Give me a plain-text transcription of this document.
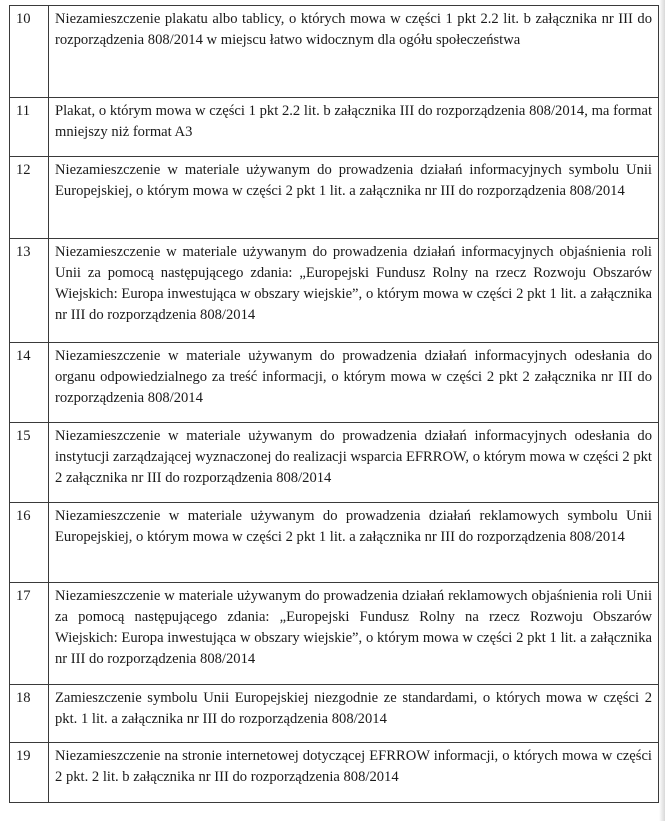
10	Niezamieszczenie plakatu albo tablicy, o których mowa w części 1 pkt 2.2 lit. b załącznika nr III do rozporządzenia 808/2014 w miejscu łatwo widocznym dla ogółu społeczeństwa
11	Plakat, o którym mowa w części 1 pkt 2.2 lit. b załącznika III do rozporządzenia 808/2014, ma format mniejszy niż format A3
12	Niezamieszczenie w materiale używanym do prowadzenia działań informacyjnych symbolu Unii Europejskiej, o którym mowa w części 2 pkt 1 lit. a załącznika nr III do rozporządzenia 808/2014
13	Niezamieszczenie w materiale używanym do prowadzenia działań informacyjnych objaśnienia roli Unii za pomocą następującego zdania: „Europejski Fundusz Rolny na rzecz Rozwoju Obszarów Wiejskich: Europa inwestująca w obszary wiejskie”, o którym mowa w części 2 pkt 1 lit. a załącznika nr III do rozporządzenia 808/2014
14	Niezamieszczenie w materiale używanym do prowadzenia działań informacyjnych odesłania do organu odpowiedzialnego za treść informacji, o którym mowa w części 2 pkt 2 załącznika nr III do rozporządzenia 808/2014
15	Niezamieszczenie w materiale używanym do prowadzenia działań informacyjnych odesłania do instytucji zarządzającej wyznaczonej do realizacji wsparcia EFRROW, o którym mowa w części 2 pkt 2 załącznika nr III do rozporządzenia 808/2014
16	Niezamieszczenie w materiale używanym do prowadzenia działań reklamowych symbolu Unii Europejskiej, o którym mowa w części 2 pkt 1 lit. a załącznika nr III do rozporządzenia 808/2014
17	Niezamieszczenie w materiale używanym do prowadzenia działań reklamowych objaśnienia roli Unii za pomocą następującego zdania: „Europejski Fundusz Rolny na rzecz Rozwoju Obszarów Wiejskich: Europa inwestująca w obszary wiejskie”, o którym mowa w części 2 pkt 1 lit. a załącznika nr III do rozporządzenia 808/2014
18	Zamieszczenie symbolu Unii Europejskiej niezgodnie ze standardami, o których mowa w części 2 pkt. 1 lit. a załącznika nr III do rozporządzenia 808/2014
19	Niezamieszczenie na stronie internetowej dotyczącej EFRROW informacji, o których mowa w części 2 pkt. 2 lit. b załącznika nr III do rozporządzenia 808/2014
